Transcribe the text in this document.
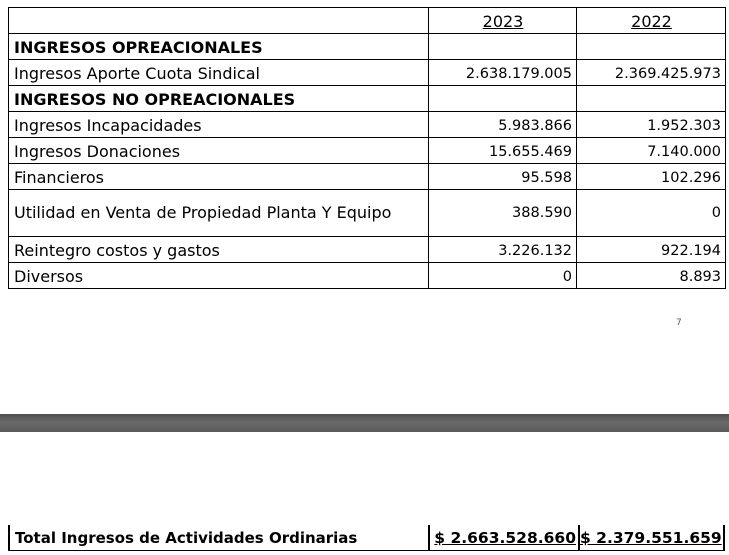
	2023	2022
INGRESOS OPREACIONALES		
Ingresos Aporte Cuota Sindical	2.638.179.005	2.369.425.973
INGRESOS NO OPREACIONALES		
Ingresos Incapacidades	5.983.866	1.952.303
Ingresos Donaciones	15.655.469	7.140.000
Financieros	95.598	102.296
Utilidad en Venta de Propiedad Planta Y Equipo	388.590	0
Reintegro costos y gastos	3.226.132	922.194
Diversos	0	8.893
7
Total Ingresos de Actividades Ordinarias	$ 2.663.528.660 $ 2.379.551.659
